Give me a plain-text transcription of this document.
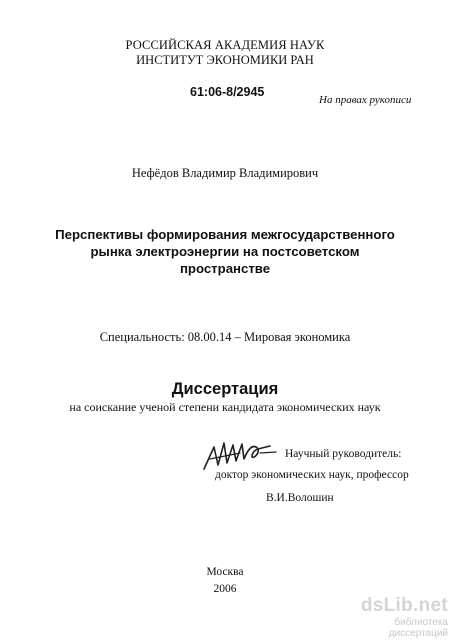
РОССИЙСКАЯ АКАДЕМИЯ НАУК
ИНСТИТУТ ЭКОНОМИКИ РАН
61:06-8/2945
На правах рукописи
Нефёдов Владимир Владимирович
Перспективы формирования межгосударственного
рынка электроэнергии на постсоветском
пространстве
Специальность: 08.00.14 – Мировая экономика
Диссертация
на соискание ученой степени кандидата экономических наук
Научный руководитель:
доктор экономических наук, профессор
В.И.Волошин
Москва
2006
dsLib.net
библиотека диссертаций
